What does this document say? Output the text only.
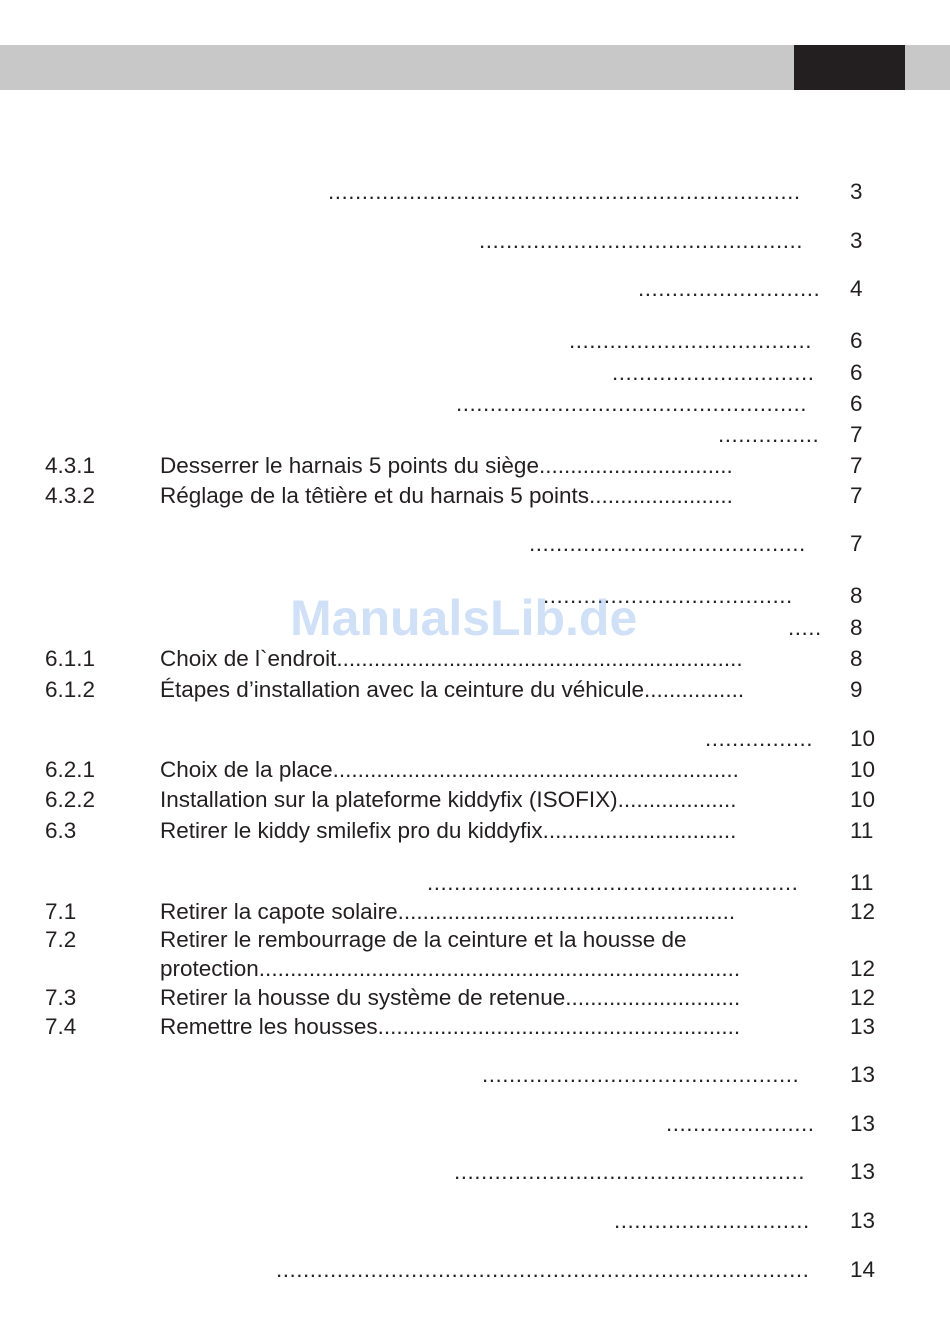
...................................................................... 3
................................................ 3
........................... 4
.................................... 6
.............................. 6
.................................................... 6
............... 7
4.3.1	Desserrer le harnais 5 points du siège...............................	7
4.3.2	Réglage de la têtière et du harnais 5 points.......................	7
......................................... 7
.....................................	8
..... 8
6.1.1	Choix de l`endroit.................................................................	8
6.1.2	Étapes d’installation avec la ceinture du véhicule................	9
................ 10
6.2.1	Choix de la place.................................................................	10
6.2.2	Installation sur la plateforme kiddyfix (ISOFIX)...................	10
6.3	Retirer le kiddy smilefix pro du kiddyfix...............................	11
....................................................... 11
7.1	Retirer la capote solaire......................................................	12
7.2	Retirer le rembourrage de la ceinture et la housse de
protection.............................................................................	12
7.3	Retirer la housse du système de retenue............................	12
7.4	Remettre les housses..........................................................	13
............................................... 13
...................... 13
.................................................... 13
............................. 13
............................................................................... 14
ManualsLib.de
